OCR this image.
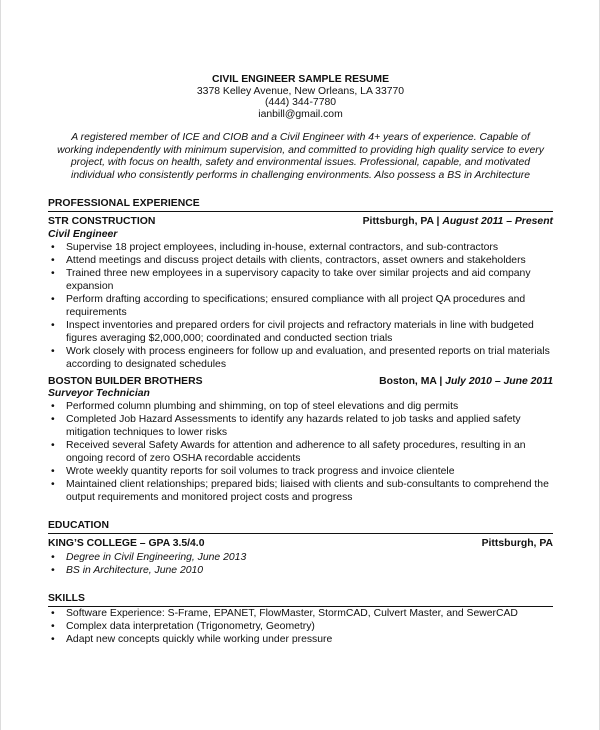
CIVIL ENGINEER SAMPLE RESUME
3378 Kelley Avenue, New Orleans, LA 33770
(444) 344-7780
ianbill@gmail.com
A registered member of ICE and CIOB and a Civil Engineer with 4+ years of experience. Capable of working independently with minimum supervision, and committed to providing high quality service to every project, with focus on health, safety and environmental issues. Professional, capable, and motivated individual who consistently performs in challenging environments. Also possess a BS in Architecture
PROFESSIONAL EXPERIENCE
STR CONSTRUCTION	Pittsburgh, PA | August 2011 – Present
Civil Engineer
• Supervise 18 project employees, including in-house, external contractors, and sub-contractors
• Attend meetings and discuss project details with clients, contractors, asset owners and stakeholders
• Trained three new employees in a supervisory capacity to take over similar projects and aid company expansion
• Perform drafting according to specifications; ensured compliance with all project QA procedures and requirements
• Inspect inventories and prepared orders for civil projects and refractory materials in line with budgeted figures averaging $2,000,000; coordinated and conducted section trials
• Work closely with process engineers for follow up and evaluation, and presented reports on trial materials according to designated schedules
BOSTON BUILDER BROTHERS	Boston, MA | July 2010 – June 2011
Surveyor Technician
• Performed column plumbing and shimming, on top of steel elevations and dig permits
• Completed Job Hazard Assessments to identify any hazards related to job tasks and applied safety mitigation techniques to lower risks
• Received several Safety Awards for attention and adherence to all safety procedures, resulting in an ongoing record of zero OSHA recordable accidents
• Wrote weekly quantity reports for soil volumes to track progress and invoice clientele
• Maintained client relationships; prepared bids; liaised with clients and sub-consultants to comprehend the output requirements and monitored project costs and progress
EDUCATION
KING’S COLLEGE – GPA 3.5/4.0	Pittsburgh, PA
• Degree in Civil Engineering, June 2013
• BS in Architecture, June 2010
SKILLS
• Software Experience: S-Frame, EPANET, FlowMaster, StormCAD, Culvert Master, and SewerCAD
• Complex data interpretation (Trigonometry, Geometry)
• Adapt new concepts quickly while working under pressure
